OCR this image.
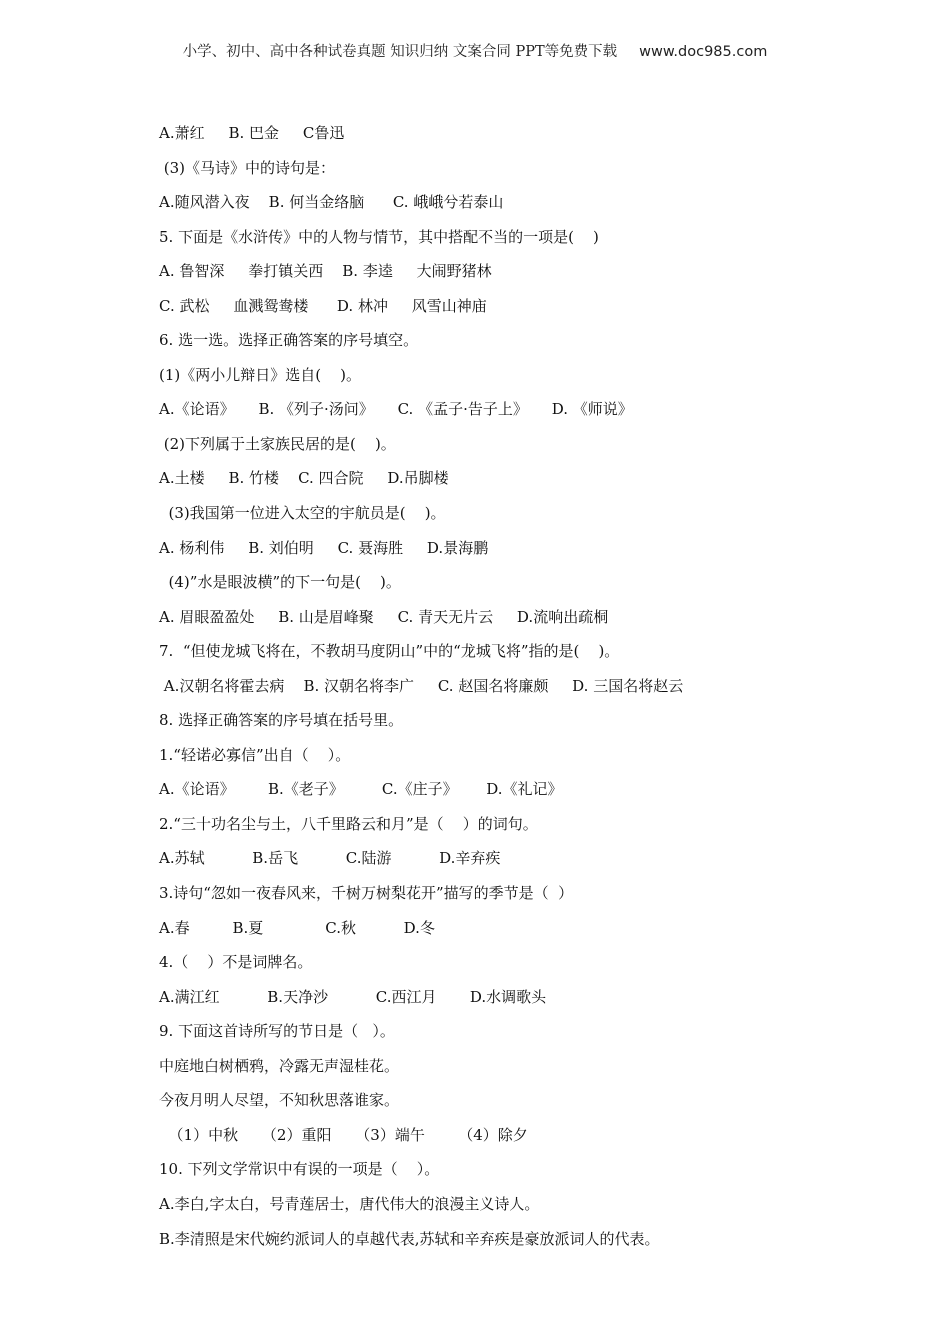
小学、初中、高中各种试卷真题 知识归纳 文案合同 PPT等免费下载 www.doc985.com
A.萧红     B. 巴金     C鲁迅
(3)《马诗》中的诗句是：
A.随风潜入夜    B. 何当金络脑      C. 峨峨兮若泰山
5. 下面是《水浒传》中的人物与情节，其中搭配不当的一项是(    )
A. 鲁智深     拳打镇关西    B. 李逵     大闹野猪林
C. 武松     血溅鸳鸯楼      D. 林冲     风雪山神庙
6. 选一选。选择正确答案的序号填空。
(1)《两小儿辩日》选自(    )。
A.《论语》     B. 《列子·汤问》     C. 《孟子·告子上》     D. 《师说》
(2)下列属于土家族民居的是(    )。
A.土楼     B. 竹楼    C. 四合院     D.吊脚楼
(3)我国第一位进入太空的宇航员是(    )。
A. 杨利伟     B. 刘伯明     C. 聂海胜     D.景海鹏
(4)”水是眼波横”的下一句是(    )。
A. 眉眼盈盈处     B. 山是眉峰聚     C. 青天无片云     D.流响出疏桐
7.  “但使龙城飞将在，不教胡马度阴山”中的“龙城飞将”指的是(    )。
A.汉朝名将霍去病    B. 汉朝名将李广     C. 赵国名将廉颇     D. 三国名将赵云
8. 选择正确答案的序号填在括号里。
1.“轻诺必寡信”出自（    ）。
A.《论语》       B.《老子》        C.《庄子》      D.《礼记》
2.“三十功名尘与土，八千里路云和月”是（    ）的词句。
A.苏轼          B.岳飞          C.陆游          D.辛弃疾
3.诗句“忽如一夜春风来，千树万树梨花开”描写的季节是（  ）
A.春         B.夏             C.秋          D.冬
4.（    ）不是词牌名。
A.满江红          B.天净沙          C.西江月       D.水调歌头
9. 下面这首诗所写的节日是（   ）。
中庭地白树栖鸦，冷露无声湿桂花。
今夜月明人尽望，不知秋思落谁家。
（1）中秋     （2）重阳     （3）端午       （4）除夕
10. 下列文学常识中有误的一项是（    ）。
A.李白,字太白，号青莲居士，唐代伟大的浪漫主义诗人。
B.李清照是宋代婉约派词人的卓越代表,苏轼和辛弃疾是豪放派词人的代表。
